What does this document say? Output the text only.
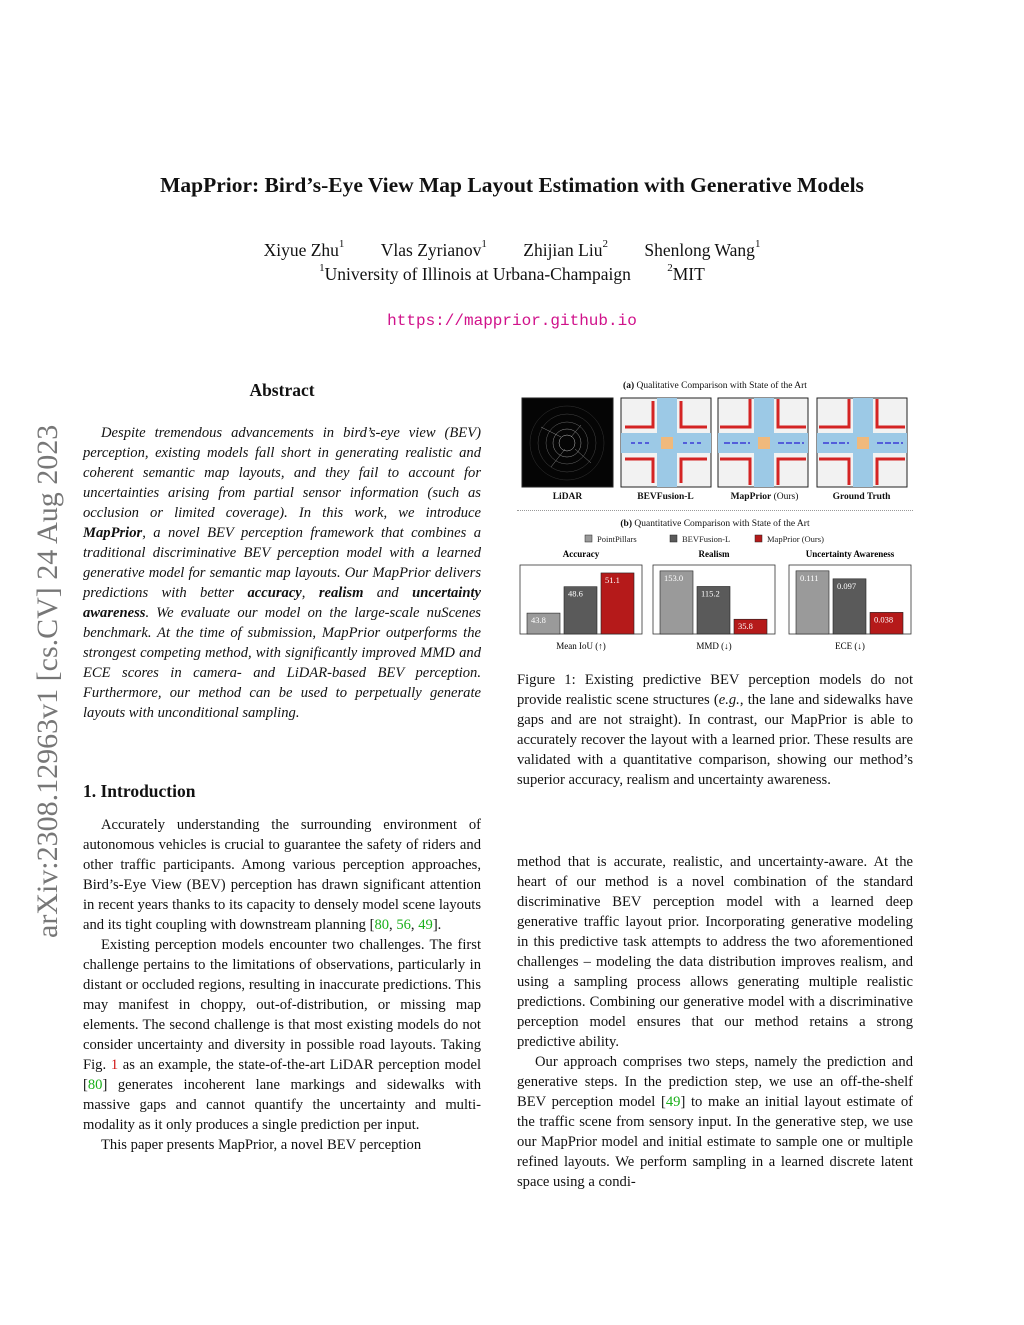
arXiv:2308.12963v1 [cs.CV] 24 Aug 2023
MapPrior: Bird’s-Eye View Map Layout Estimation with Generative Models
Xiyue Zhu$^1$ Vlas Zyrianov$^1$ Zhijian Liu$^2$ Shenlong Wang$^1$
$^1$University of Illinois at Urbana-Champaign	$^2$MIT
https://mapprior.github.io
Abstract

Despite tremendous advancements in bird’s-eye view (BEV) perception, existing models fall short in generating realistic and coherent semantic map layouts, and they fail to account for uncertainties arising from partial sensor information (such as occlusion or limited coverage). In this work, we introduce MapPrior, a novel BEV perception framework that combines a traditional discriminative BEV perception model with a learned generative model for semantic map layouts. Our MapPrior delivers predictions with better accuracy, realism and uncertainty awareness. We evaluate our model on the large-scale nuScenes benchmark. At the time of submission, MapPrior outperforms the strongest competing method, with significantly improved MMD and ECE scores in camera- and LiDAR-based BEV perception. Furthermore, our method can be used to perpetually generate layouts with unconditional sampling.

1. Introduction

Accurately understanding the surrounding environment of autonomous vehicles is crucial to guarantee the safety of riders and other traffic participants. Among various perception approaches, Bird’s-Eye View (BEV) perception has drawn significant attention in recent years thanks to its capacity to densely model scene layouts and its tight coupling with downstream planning [80, 56, 49].

Existing perception models encounter two challenges. The first challenge pertains to the limitations of observations, particularly in distant or occluded regions, resulting in inaccurate predictions. This may manifest in choppy, out-of-distribution, or missing map elements. The second challenge is that most existing models do not consider uncertainty and diversity in possible road layouts. Taking Fig. 1 as an example, the state-of-the-art LiDAR perception model [80] generates incoherent lane markings and sidewalks with massive gaps and cannot quantify the uncertainty and multi-modality as it only produces a single prediction per input.

This paper presents MapPrior, a novel BEV perception

method that is accurate, realistic, and uncertainty-aware. At the heart of our method is a novel combination of the standard discriminative BEV perception model with a learned deep generative traffic layout prior. Incorporating generative modeling in this predictive task attempts to address the two aforementioned challenges – modeling the data distribution improves realism, and using a sampling process allows generating multiple realistic predictions. Combining our generative model with a discriminative perception model ensures that our method retains a strong predictive ability.

Our approach comprises two steps, namely the prediction and generative steps. In the prediction step, we use an off-the-shelf BEV perception model [49] to make an initial layout estimate of the traffic scene from sensory input. In the generative step, we use our MapPrior model and initial estimate to sample one or multiple refined layouts. We perform sampling in a learned discrete latent space using a condi-

(a) Qualitative Comparison with State of the Art
LiDAR	BEVFusion-L	MapPrior (Ours)	Ground Truth
(b) Quantitative Comparison with State of the Art
PointPillars	BEVFusion-L	MapPrior (Ours)
Accuracy
43.8
48.6
51.1
Mean IoU (↑)
Realism
153.0
115.2
35.8
MMD (↓)
Uncertainty Awareness
0.111
0.097
0.038
ECE (↓)

Figure 1: Existing predictive BEV perception models do not provide realistic scene structures (e.g., the lane and sidewalks have gaps and are not straight). In contrast, our MapPrior is able to accurately recover the layout with a learned prior. These results are validated with a quantitative comparison, showing our method’s superior accuracy, realism and uncertainty awareness.
